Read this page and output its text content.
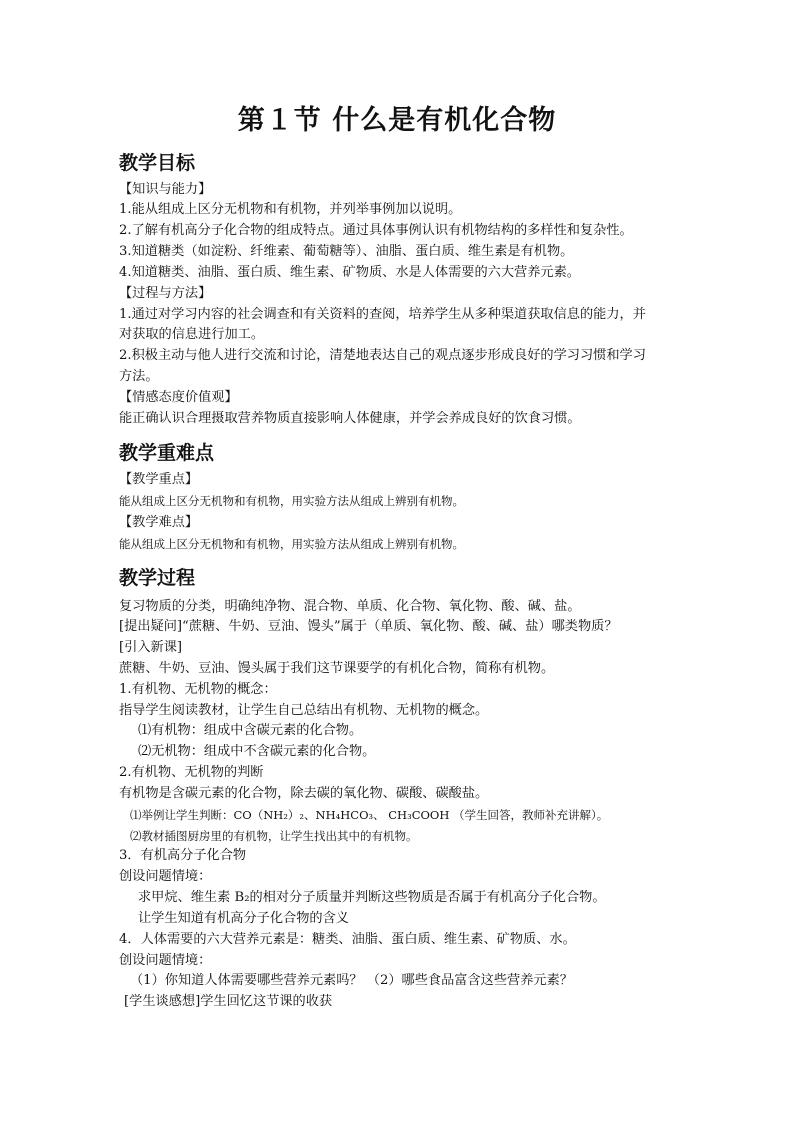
第１节 什么是有机化合物
教学目标
【知识与能力】
1.能从组成上区分无机物和有机物，并列举事例加以说明。
2.了解有机高分子化合物的组成特点。通过具体事例认识有机物结构的多样性和复杂性。
3.知道糖类（如淀粉、纤维素、葡萄糖等）、油脂、蛋白质、维生素是有机物。
4.知道糖类、油脂、蛋白质、维生素、矿物质、水是人体需要的六大营养元素。
【过程与方法】
1.通过对学习内容的社会调查和有关资料的查阅，培养学生从多种渠道获取信息的能力，并
对获取的信息进行加工。
2.积极主动与他人进行交流和讨论，清楚地表达自己的观点逐步形成良好的学习习惯和学习
方法。
【情感态度价值观】
能正确认识合理摄取营养物质直接影响人体健康，并学会养成良好的饮食习惯。
教学重难点
【教学重点】
能从组成上区分无机物和有机物，用实验方法从组成上辨别有机物。
【教学难点】
能从组成上区分无机物和有机物，用实验方法从组成上辨别有机物。
教学过程
复习物质的分类，明确纯净物、混合物、单质、化合物、氧化物、酸、碱、盐。
[提出疑问]“蔗糖、牛奶、豆油、馒头”属于（单质、氧化物、酸、碱、盐）哪类物质？
[引入新课]
蔗糖、牛奶、豆油、馒头属于我们这节课要学的有机化合物，简称有机物。
1.有机物、无机物的概念：
指导学生阅读教材，让学生自己总结出有机物、无机物的概念。
⑴有机物：组成中含碳元素的化合物。
⑵无机物：组成中不含碳元素的化合物。
2.有机物、无机物的判断
有机物是含碳元素的化合物，除去碳的氧化物、碳酸、碳酸盐。
⑴举例让学生判断：CO（NH₂）₂、NH₄HCO₃、 CH₃COOH （学生回答，教师补充讲解）。
⑵教材插图厨房里的有机物，让学生找出其中的有机物。
3．有机高分子化合物
创设问题情境：
求甲烷、维生素 B₂的相对分子质量并判断这些物质是否属于有机高分子化合物。
让学生知道有机高分子化合物的含义
4．人体需要的六大营养元素是：糖类、油脂、蛋白质、维生素、矿物质、水。
创设问题情境：
（1）你知道人体需要哪些营养元素吗？ （2）哪些食品富含这些营养元素？
[学生谈感想]学生回忆这节课的收获
